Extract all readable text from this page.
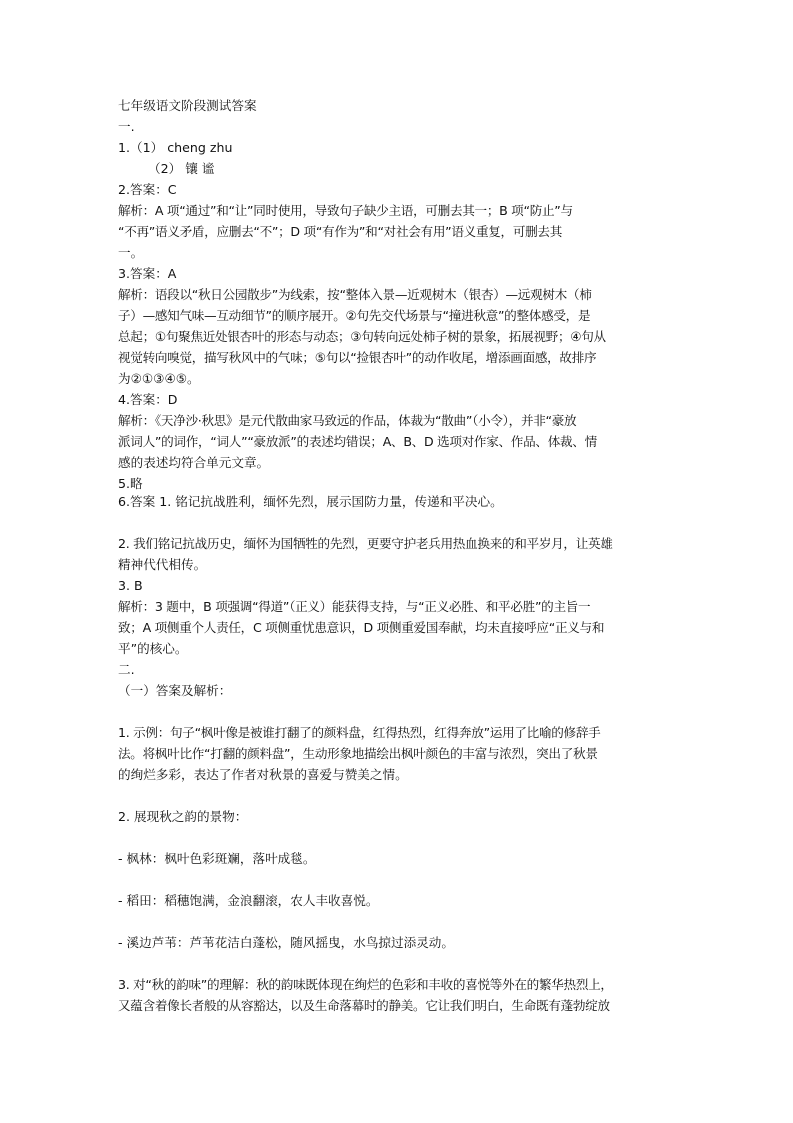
七年级语文阶段测试答案
一.
1.（1） cheng zhu
（2） 镶 谧
2.答案：C
解析：A 项“通过”和“让”同时使用，导致句子缺少主语，可删去其一；B 项“防止”与
“不再”语义矛盾，应删去“不”；D 项“有作为”和“对社会有用”语义重复，可删去其
一。
3.答案：A
解析：语段以“秋日公园散步”为线索，按“整体入景—近观树木（银杏）—远观树木（柿
子）—感知气味—互动细节”的顺序展开。②句先交代场景与“撞进秋意”的整体感受，是
总起；①句聚焦近处银杏叶的形态与动态；③句转向远处柿子树的景象，拓展视野；④句从
视觉转向嗅觉，描写秋风中的气味；⑤句以“捡银杏叶”的动作收尾，增添画面感，故排序
为②①③④⑤。
4.答案：D
解析：《天净沙·秋思》是元代散曲家马致远的作品，体裁为“散曲”（小令），并非“豪放
派词人”的词作，“词人”“豪放派”的表述均错误；A、B、D 选项对作家、作品、体裁、情
感的表述均符合单元文章。
5.略
6.答案 1. 铭记抗战胜利，缅怀先烈，展示国防力量，传递和平决心。
2. 我们铭记抗战历史，缅怀为国牺牲的先烈，更要守护老兵用热血换来的和平岁月，让英雄
精神代代相传。
3. B
解析：3 题中，B 项强调“得道”（正义）能获得支持，与“正义必胜、和平必胜”的主旨一
致；A 项侧重个人责任，C 项侧重忧患意识，D 项侧重爱国奉献，均未直接呼应“正义与和
平”的核心。
二.
（一）答案及解析：
1. 示例：句子“枫叶像是被谁打翻了的颜料盘，红得热烈，红得奔放”运用了比喻的修辞手
法。将枫叶比作“打翻的颜料盘”，生动形象地描绘出枫叶颜色的丰富与浓烈，突出了秋景
的绚烂多彩，表达了作者对秋景的喜爱与赞美之情。
2. 展现秋之韵的景物：
- 枫林：枫叶色彩斑斓，落叶成毯。
- 稻田：稻穗饱满，金浪翻滚，农人丰收喜悦。
- 溪边芦苇：芦苇花洁白蓬松，随风摇曳，水鸟掠过添灵动。
3. 对“秋的韵味”的理解：秋的韵味既体现在绚烂的色彩和丰收的喜悦等外在的繁华热烈上，
又蕴含着像长者般的从容豁达，以及生命落幕时的静美。它让我们明白，生命既有蓬勃绽放
